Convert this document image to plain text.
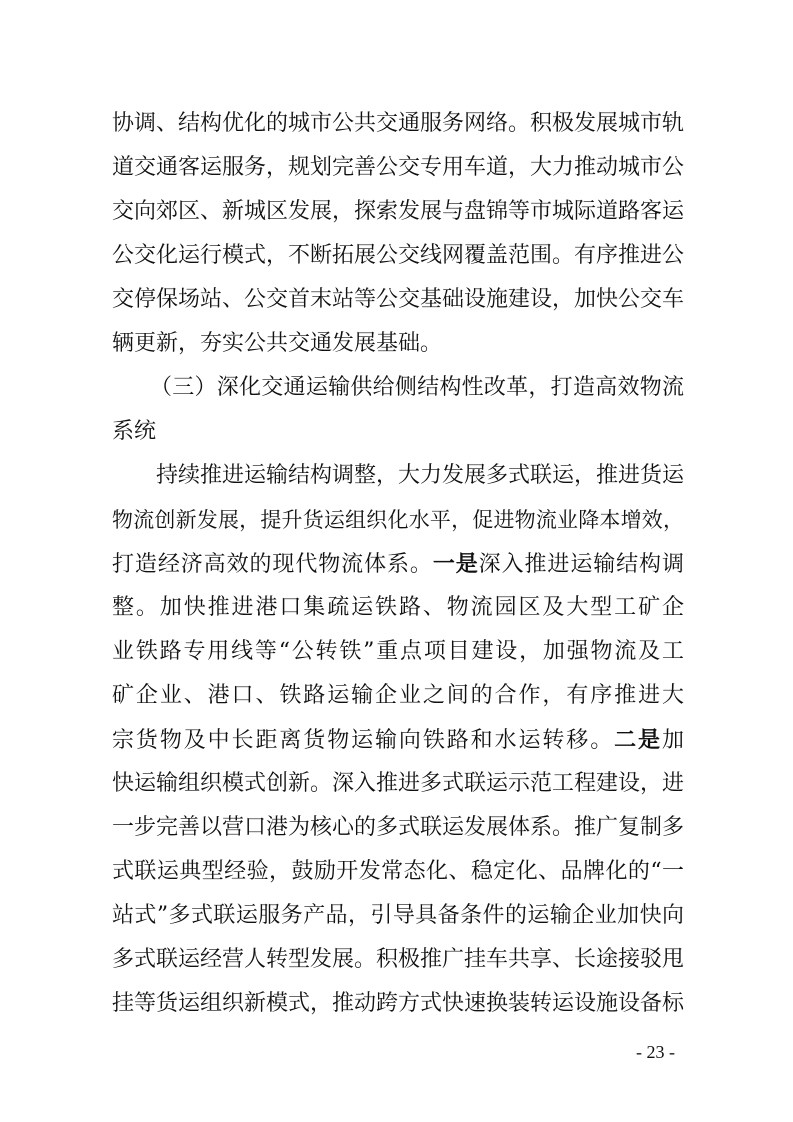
协调、结构优化的城市公共交通服务网络。积极发展城市轨
道交通客运服务，规划完善公交专用车道，大力推动城市公
交向郊区、新城区发展，探索发展与盘锦等市城际道路客运
公交化运行模式，不断拓展公交线网覆盖范围。有序推进公
交停保场站、公交首末站等公交基础设施建设，加快公交车
辆更新，夯实公共交通发展基础。
（三）深化交通运输供给侧结构性改革，打造高效物流
系统
持续推进运输结构调整，大力发展多式联运，推进货运
物流创新发展，提升货运组织化水平，促进物流业降本增效，
打造经济高效的现代物流体系。一是深入推进运输结构调
整。加快推进港口集疏运铁路、物流园区及大型工矿企
业铁路专用线等“公转铁”重点项目建设，加强物流及工
矿企业、港口、铁路运输企业之间的合作，有序推进大
宗货物及中长距离货物运输向铁路和水运转移。二是加
快运输组织模式创新。深入推进多式联运示范工程建设，进
一步完善以营口港为核心的多式联运发展体系。推广复制多
式联运典型经验，鼓励开发常态化、稳定化、品牌化的“一
站式”多式联运服务产品，引导具备条件的运输企业加快向
多式联运经营人转型发展。积极推广挂车共享、长途接驳甩
挂等货运组织新模式，推动跨方式快速换装转运设施设备标
- 23 -
